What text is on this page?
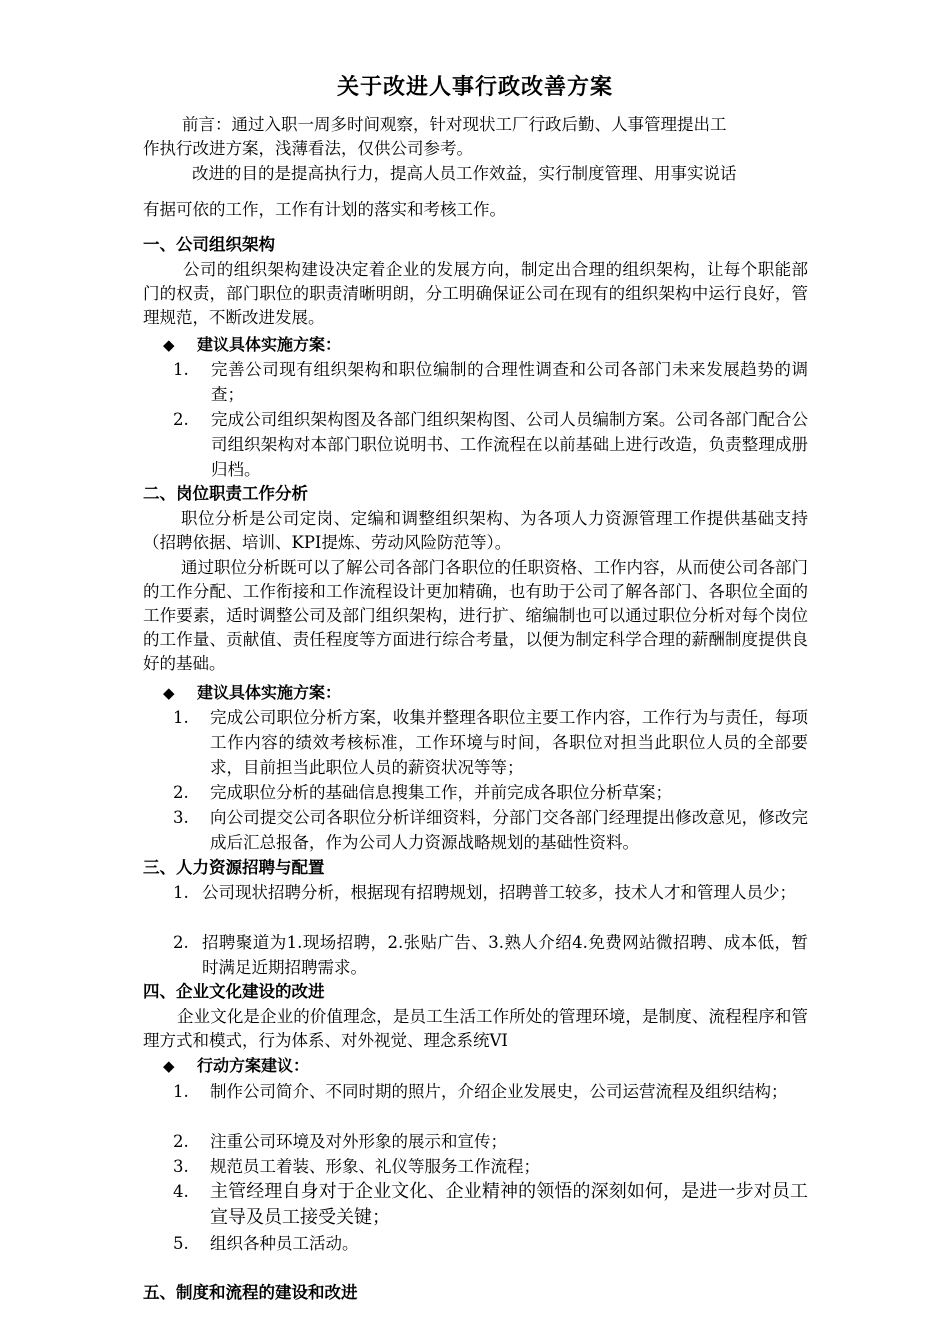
关于改进人事行政改善方案
前言：通过入职一周多时间观察，针对现状工厂行政后勤、人事管理提出工
作执行改进方案，浅薄看法，仅供公司参考。
改进的目的是提高执行力，提高人员工作效益，实行制度管理、用事实说话
有据可依的工作，工作有计划的落实和考核工作。
一、公司组织架构
公司的组织架构建设决定着企业的发展方向，制定出合理的组织架构，让每个职能部门的权责，部门职位的职责清晰明朗，分工明确保证公司在现有的组织架构中运行良好，管理规范，不断改进发展。
◆ 建议具体实施方案：
1. 完善公司现有组织架构和职位编制的合理性调查和公司各部门未来发展趋势的调查；
2. 完成公司组织架构图及各部门组织架构图、公司人员编制方案。公司各部门配合公司组织架构对本部门职位说明书、工作流程在以前基础上进行改造，负责整理成册归档。
二、岗位职责工作分析
职位分析是公司定岗、定编和调整组织架构、为各项人力资源管理工作提供基础支持（招聘依据、培训、KPI提炼、劳动风险防范等）。
通过职位分析既可以了解公司各部门各职位的任职资格、工作内容，从而使公司各部门的工作分配、工作衔接和工作流程设计更加精确，也有助于公司了解各部门、各职位全面的工作要素，适时调整公司及部门组织架构，进行扩、缩编制也可以通过职位分析对每个岗位的工作量、贡献值、责任程度等方面进行综合考量，以便为制定科学合理的薪酬制度提供良好的基础。
◆ 建议具体实施方案：
1. 完成公司职位分析方案，收集并整理各职位主要工作内容，工作行为与责任，每项工作内容的绩效考核标准，工作环境与时间，各职位对担当此职位人员的全部要求，目前担当此职位人员的薪资状况等等；
2. 完成职位分析的基础信息搜集工作，并前完成各职位分析草案；
3. 向公司提交公司各职位分析详细资料，分部门交各部门经理提出修改意见，修改完成后汇总报备，作为公司人力资源战略规划的基础性资料。
三、人力资源招聘与配置
1. 公司现状招聘分析，根据现有招聘规划，招聘普工较多，技术人才和管理人员少；
2. 招聘聚道为1.现场招聘，2.张贴广告、3.熟人介绍4.免费网站微招聘、成本低，暂时满足近期招聘需求。
四、企业文化建设的改进
企业文化是企业的价值理念，是员工生活工作所处的管理环境，是制度、流程程序和管理方式和模式，行为体系、对外视觉、理念系统VI
◆ 行动方案建议：
1. 制作公司简介、不同时期的照片，介绍企业发展史，公司运营流程及组织结构；
2. 注重公司环境及对外形象的展示和宣传；
3. 规范员工着装、形象、礼仪等服务工作流程；
4. 主管经理自身对于企业文化、企业精神的领悟的深刻如何，是进一步对员工宣导及员工接受关键；
5. 组织各种员工活动。
五、制度和流程的建设和改进
